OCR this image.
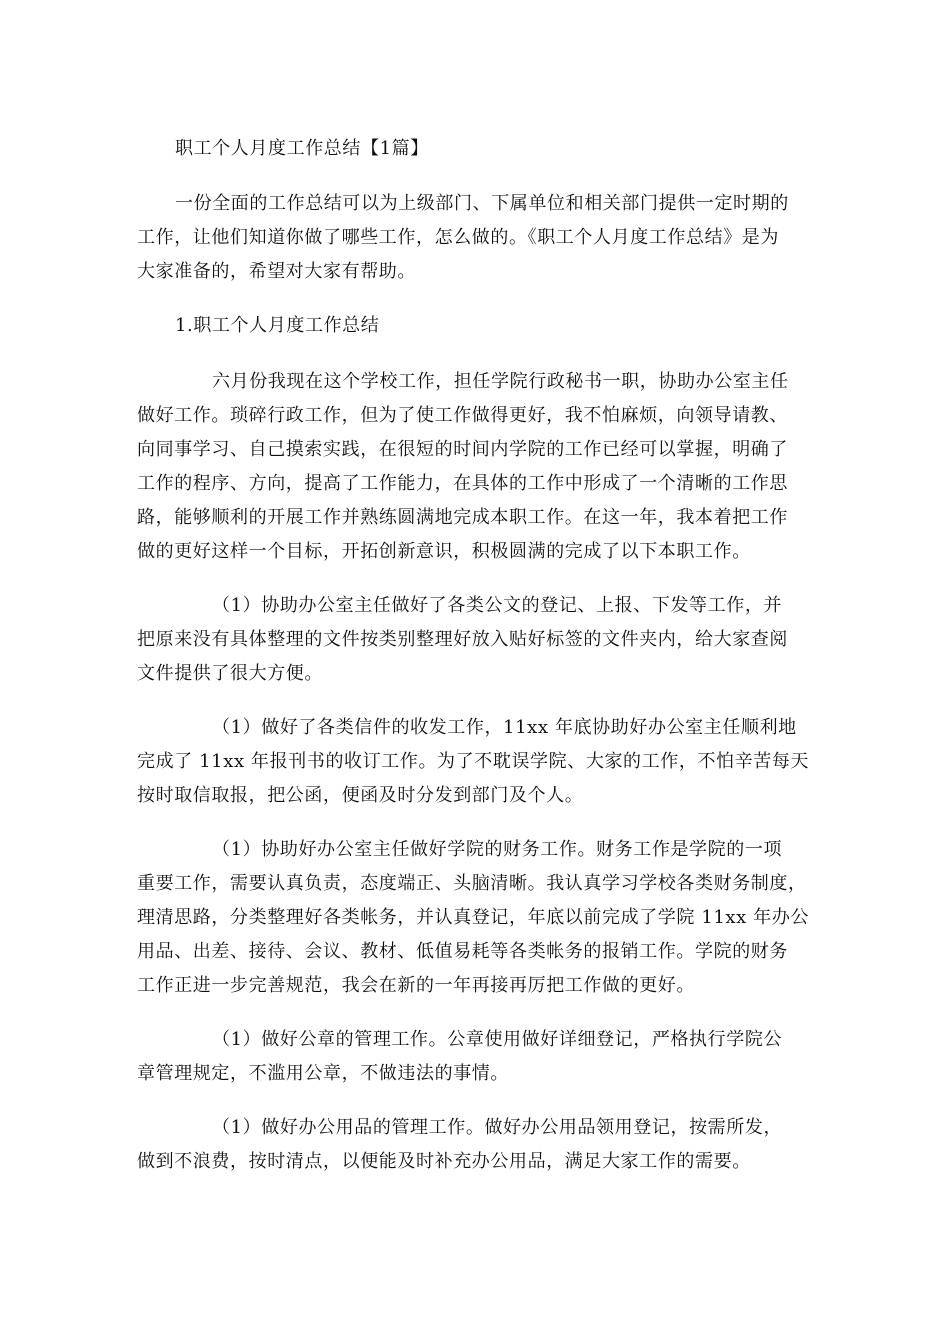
职工个人月度工作总结【1篇】
一份全面的工作总结可以为上级部门、下属单位和相关部门提供一定时期的
工作，让他们知道你做了哪些工作，怎么做的。《职工个人月度工作总结》是为
大家准备的，希望对大家有帮助。
1.职工个人月度工作总结
六月份我现在这个学校工作，担任学院行政秘书一职，协助办公室主任
做好工作。琐碎行政工作，但为了使工作做得更好，我不怕麻烦，向领导请教、
向同事学习、自己摸索实践，在很短的时间内学院的工作已经可以掌握，明确了
工作的程序、方向，提高了工作能力，在具体的工作中形成了一个清晰的工作思
路，能够顺利的开展工作并熟练圆满地完成本职工作。在这一年，我本着把工作
做的更好这样一个目标，开拓创新意识，积极圆满的完成了以下本职工作。
（1）协助办公室主任做好了各类公文的登记、上报、下发等工作，并
把原来没有具体整理的文件按类别整理好放入贴好标签的文件夹内，给大家查阅
文件提供了很大方便。
（1）做好了各类信件的收发工作，11xx 年底协助好办公室主任顺利地
完成了 11xx 年报刊书的收订工作。为了不耽误学院、大家的工作，不怕辛苦每天
按时取信取报，把公函，便函及时分发到部门及个人。
（1）协助好办公室主任做好学院的财务工作。财务工作是学院的一项
重要工作，需要认真负责，态度端正、头脑清晰。我认真学习学校各类财务制度，
理清思路，分类整理好各类帐务，并认真登记，年底以前完成了学院 11xx 年办公
用品、出差、接待、会议、教材、低值易耗等各类帐务的报销工作。学院的财务
工作正进一步完善规范，我会在新的一年再接再厉把工作做的更好。
（1）做好公章的管理工作。公章使用做好详细登记，严格执行学院公
章管理规定，不滥用公章，不做违法的事情。
（1）做好办公用品的管理工作。做好办公用品领用登记，按需所发，
做到不浪费，按时清点，以便能及时补充办公用品，满足大家工作的需要。
